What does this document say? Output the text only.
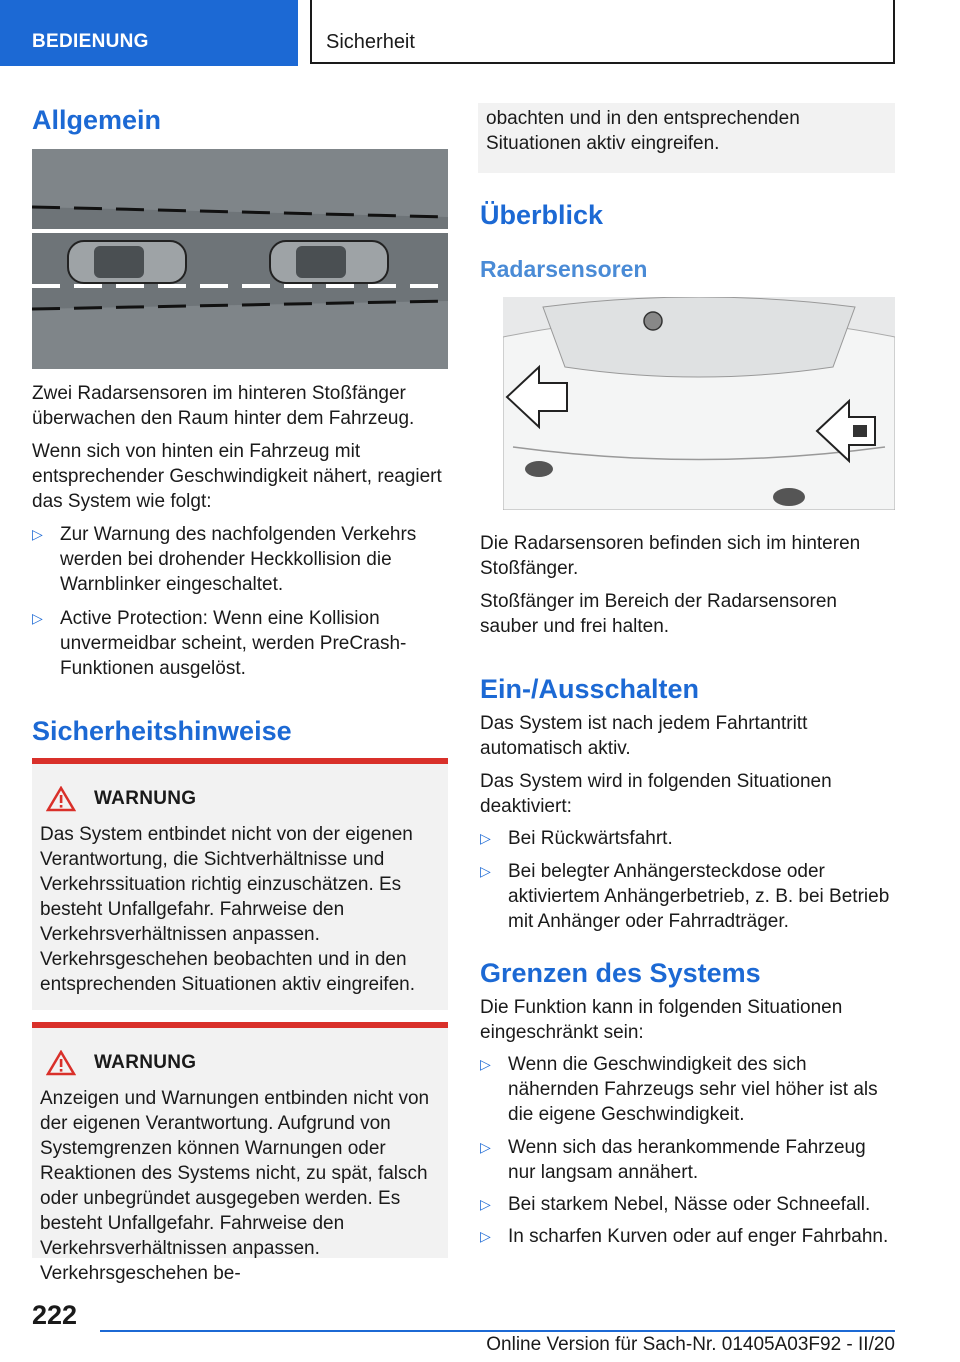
BEDIENUNG	Sicherheit
Allgemein

Zwei Radarsensoren im hinteren Stoßfänger überwachen den Raum hinter dem Fahrzeug.

Wenn sich von hinten ein Fahrzeug mit entsprechender Geschwindigkeit nähert, reagiert das System wie folgt:

▷ Zur Warnung des nachfolgenden Verkehrs werden bei drohender Heckkollision die Warnblinker eingeschaltet.
▷ Active Protection: Wenn eine Kollision unvermeidbar scheint, werden PreCrash-Funktionen ausgelöst.
Sicherheitshinweise
WARNUNG
Das System entbindet nicht von der eigenen Verantwortung, die Sichtverhältnisse und Verkehrssituation richtig einzuschätzen. Es besteht Unfallgefahr. Fahrweise den Verkehrsverhältnissen anpassen. Verkehrsgeschehen beobachten und in den entsprechenden Situationen aktiv eingreifen.
WARNUNG
Anzeigen und Warnungen entbinden nicht von der eigenen Verantwortung. Aufgrund von Systemgrenzen können Warnungen oder Reaktionen des Systems nicht, zu spät, falsch oder unbegründet ausgegeben werden. Es besteht Unfallgefahr. Fahrweise den Verkehrsverhältnissen anpassen. Verkehrsgeschehen be-
obachten und in den entsprechenden Situationen aktiv eingreifen.
Überblick
Radarsensoren

Die Radarsensoren befinden sich im hinteren Stoßfänger.

Stoßfänger im Bereich der Radarsensoren sauber und frei halten.

Ein-/Ausschalten

Das System ist nach jedem Fahrtantritt automatisch aktiv.

Das System wird in folgenden Situationen deaktiviert:

▷ Bei Rückwärtsfahrt.
▷ Bei belegter Anhängersteckdose oder aktiviertem Anhängerbetrieb, z. B. bei Betrieb mit Anhänger oder Fahrradträger.
Grenzen des Systems

Die Funktion kann in folgenden Situationen eingeschränkt sein:

▷ Wenn die Geschwindigkeit des sich nähernden Fahrzeugs sehr viel höher ist als die eigene Geschwindigkeit.
▷ Wenn sich das herankommende Fahrzeug nur langsam annähert.
▷ Bei starkem Nebel, Nässe oder Schneefall.
▷ In scharfen Kurven oder auf enger Fahrbahn.
222
Online Version für Sach-Nr. 01405A03F92 - II/20
